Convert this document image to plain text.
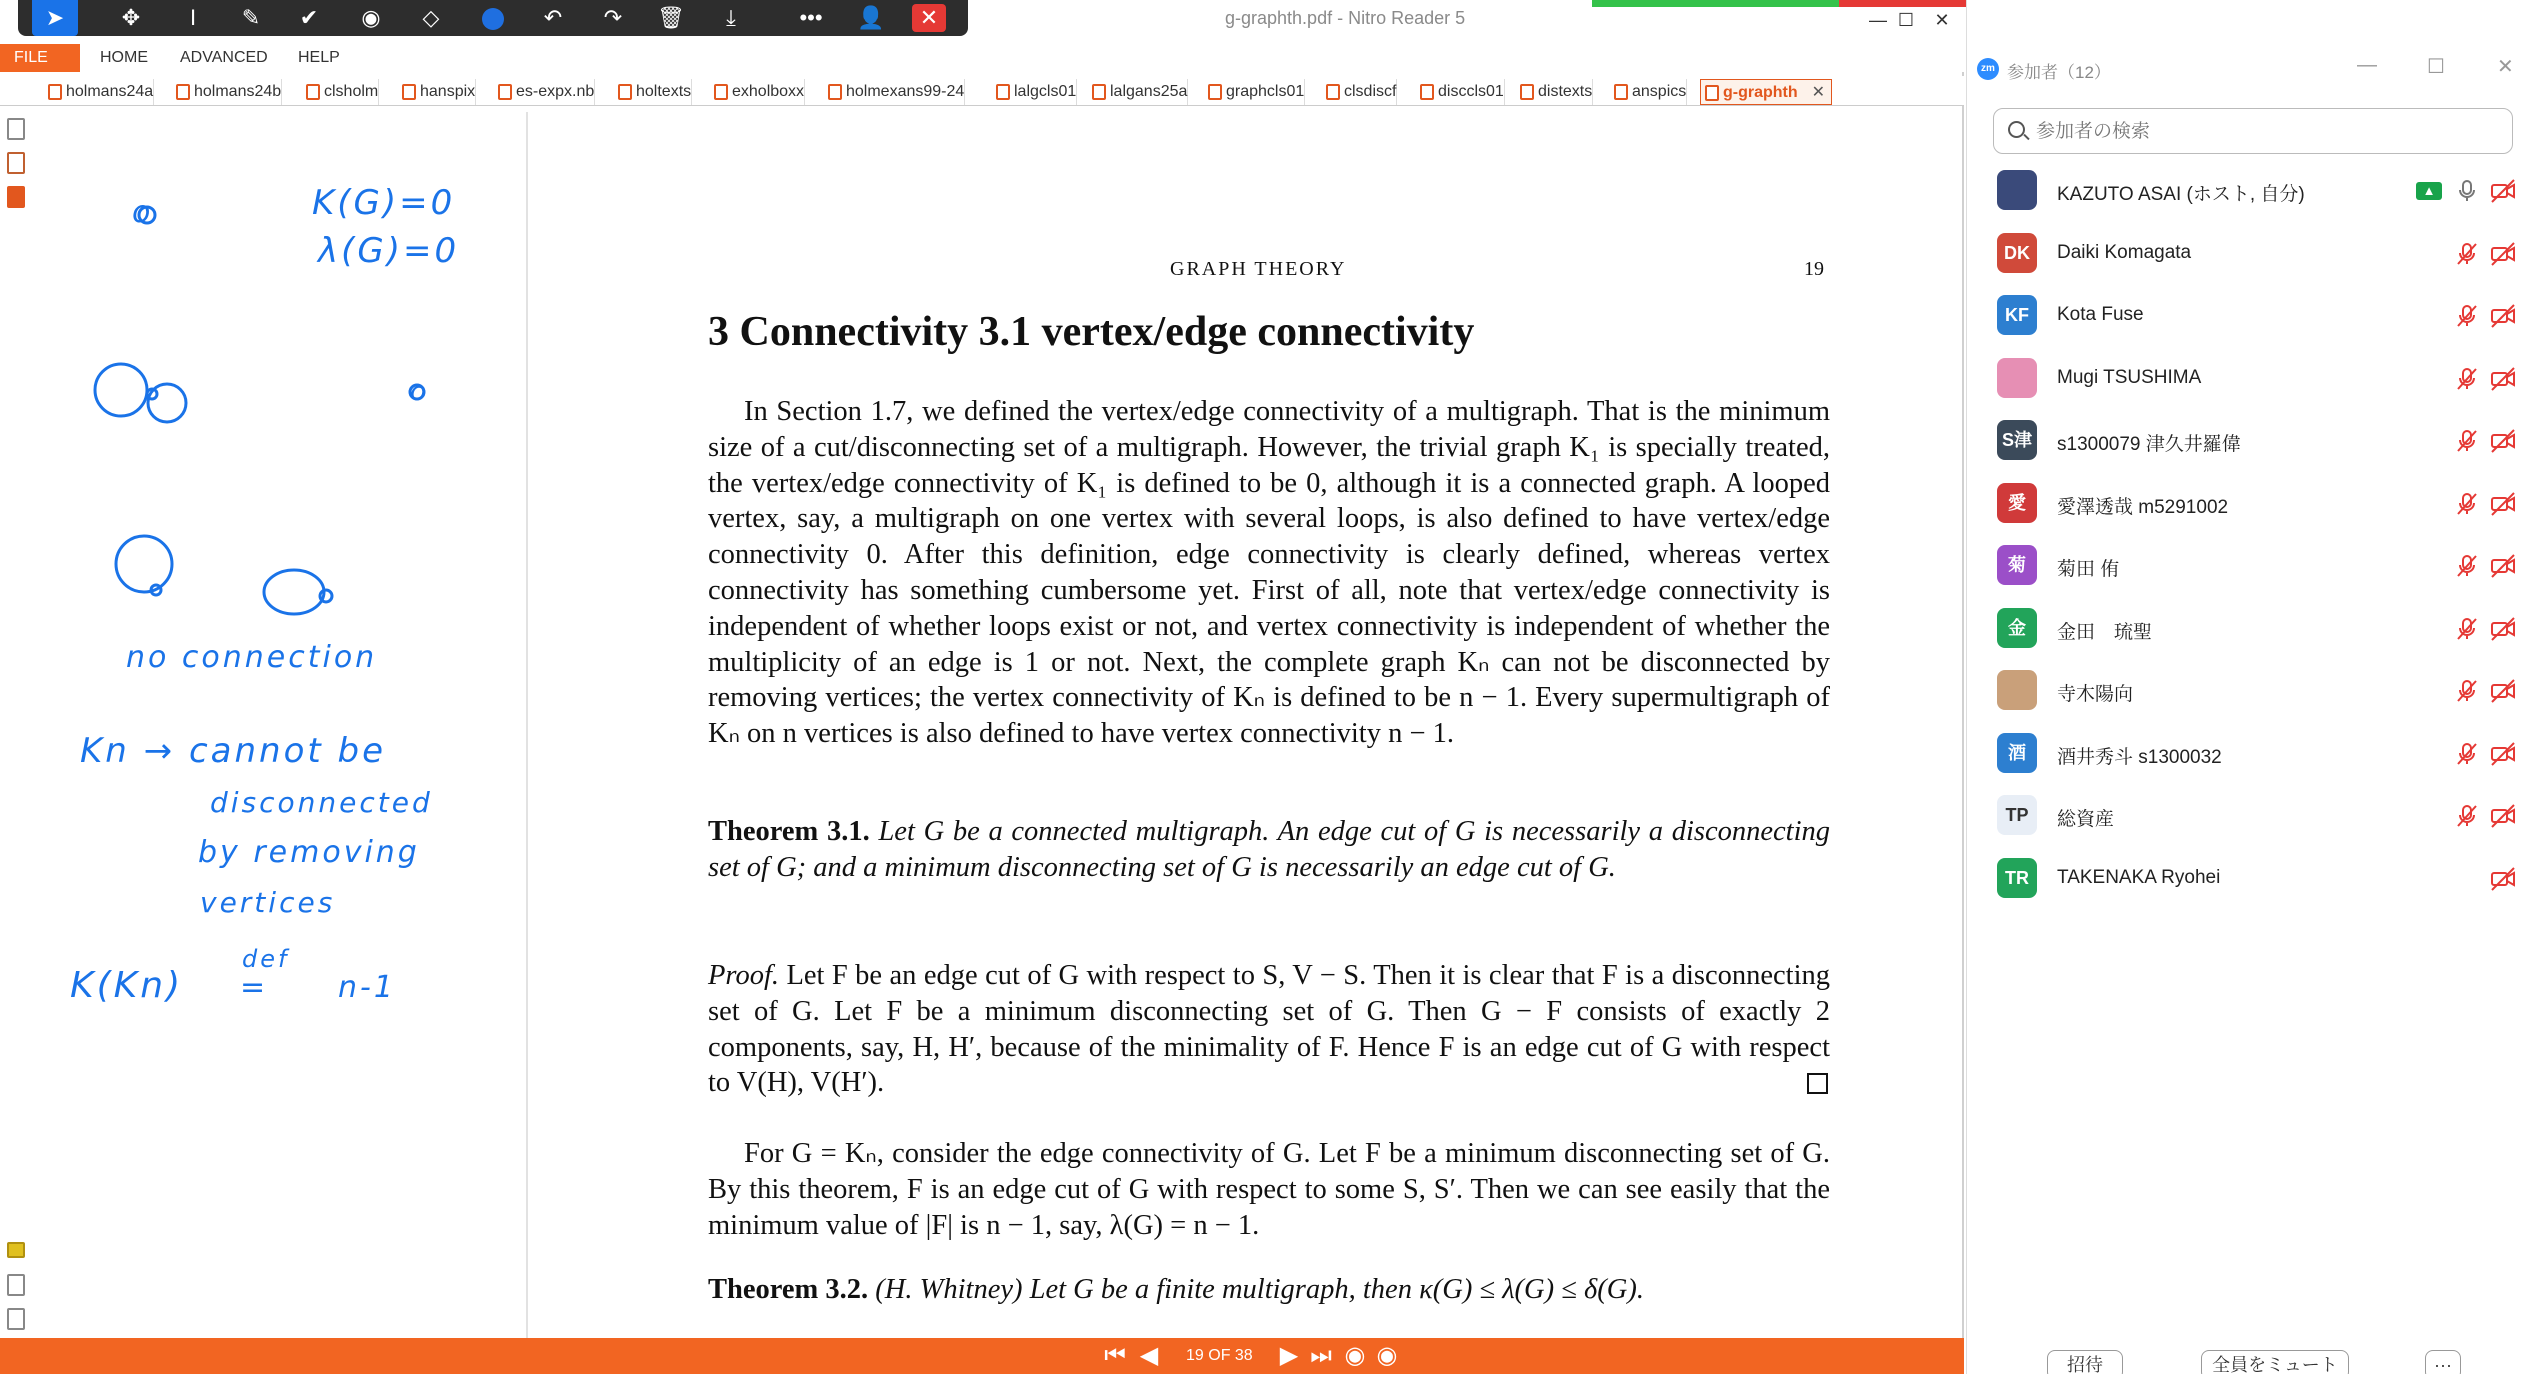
g-graphth.pdf - Nitro Reader 5	— ☐	✕
➤	✥	I	✎	✔	◉	◇	↶	↷	🗑	⤓	•••	👤	✕
FILE	HOME	ADVANCED	HELP
holmans24a	holmans24b	clsholm	hanspix	es-expx.nb	holtexts	exholboxx	holmexans99-24	lalgcls01	lalgans25a	graphcls01	clsdiscf	disccls01	distexts	anspics	g-graphth ✕
o	K(G)=0
λ(G)=0
o
no connection
Kn → cannot be
disconnected
by removing
vertices
K(Kn)
def
= n-1
GRAPH THEORY	19
3 Connectivity 3.1 vertex/edge connectivity
In Section 1.7, we defined the vertex/edge connectivity of a multigraph. That is the minimum size of a cut/disconnecting set of a multigraph. However, the trivial graph K₁ is specially treated, the vertex/edge connectivity of K₁ is defined to be 0, although it is a connected graph. A looped vertex, say, a multigraph on one vertex with several loops, is also defined to have vertex/edge connectivity 0. After this definition, edge connectivity is clearly defined, whereas vertex connectivity has something cumbersome yet. First of all, note that vertex/edge connectivity is independent of whether loops exist or not, and vertex connectivity is independent of whether the multiplicity of an edge is 1 or not. Next, the complete graph Kₙ can not be disconnected by removing vertices; the vertex connectivity of Kₙ is defined to be n − 1. Every supermultigraph of Kₙ on n vertices is also defined to have vertex connectivity n − 1.
Theorem 3.1. Let G be a connected multigraph. An edge cut of G is necessarily a disconnecting set of G; and a minimum disconnecting set of G is necessarily an edge cut of G.
Proof. Let F be an edge cut of G with respect to S, V − S. Then it is clear that F is a disconnecting set of G. Let F be a minimum disconnecting set of G. Then G − F consists of exactly 2 components, say, H, H′, because of the minimality of F. Hence F is an edge cut of G with respect to V(H), V(H′).
For G = Kₙ, consider the edge connectivity of G. Let F be a minimum disconnecting set of G. By this theorem, F is an edge cut of G with respect to some S, S′. Then we can see easily that the minimum value of |F| is n − 1, say, λ(G) = n − 1.
Theorem 3.2. (H. Whitney) Let G be a finite multigraph, then κ(G) ≤ λ(G) ≤ δ(G).
⏮ ◀	19 OF 38 ▶ ⏭ ◉ ◉
zm 参加者（12）	—	☐	✕
参加者の検索
KAZUTO ASAI (ホスト, 自分)	▲
DK	Daiki Komagata
KF	Kota Fuse
Mugi TSUSHIMA
S津 s1300079 津久井羅偉
愛	愛澤透哉 m5291002
菊	菊田 侑
金	金田　琉聖
寺木陽向
酒	酒井秀斗 s1300032
TP	総資産
TR	TAKENAKA Ryohei
招待	全員をミュート	···
